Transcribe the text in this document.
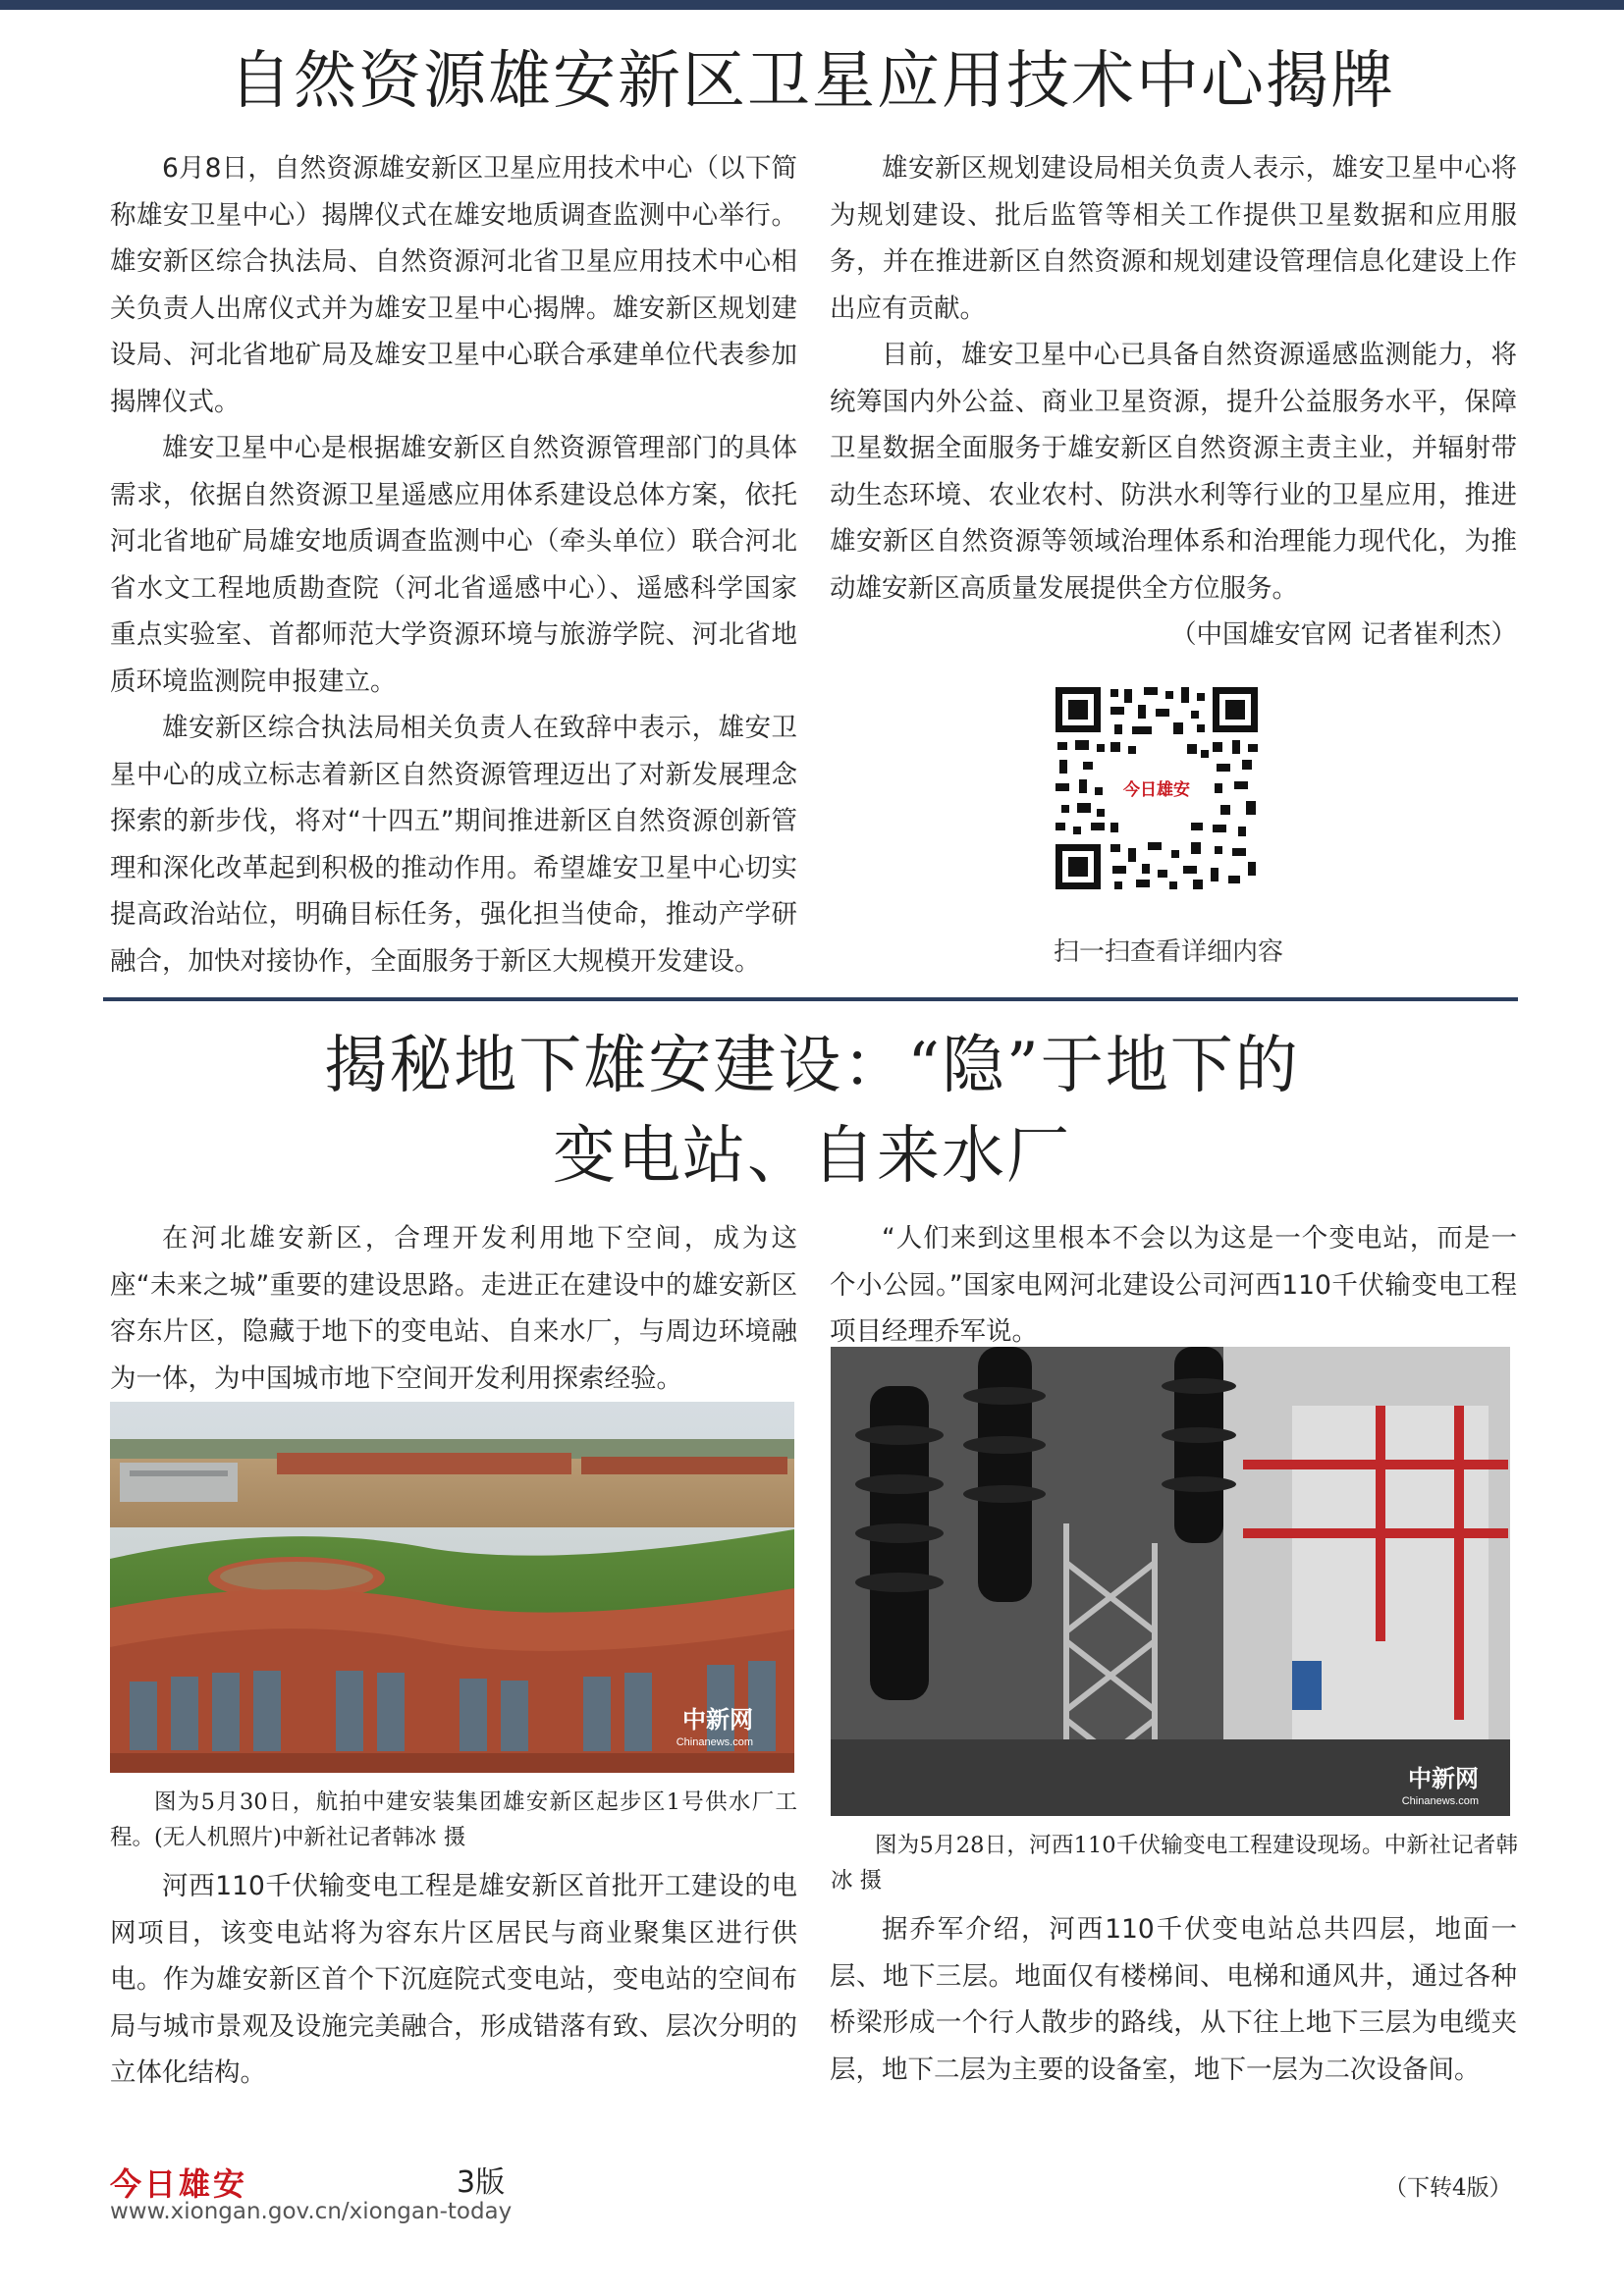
自然资源雄安新区卫星应用技术中心揭牌

6月8日，自然资源雄安新区卫星应用技术中心（以下简称雄安卫星中心）揭牌仪式在雄安地质调查监测中心举行。雄安新区综合执法局、自然资源河北省卫星应用技术中心相关负责人出席仪式并为雄安卫星中心揭牌。雄安新区规划建设局、河北省地矿局及雄安卫星中心联合承建单位代表参加揭牌仪式。

雄安卫星中心是根据雄安新区自然资源管理部门的具体需求，依据自然资源卫星遥感应用体系建设总体方案，依托河北省地矿局雄安地质调查监测中心（牵头单位）联合河北省水文工程地质勘查院（河北省遥感中心）、遥感科学国家重点实验室、首都师范大学资源环境与旅游学院、河北省地质环境监测院申报建立。

雄安新区综合执法局相关负责人在致辞中表示，雄安卫星中心的成立标志着新区自然资源管理迈出了对新发展理念探索的新步伐，将对“十四五”期间推进新区自然资源创新管理和深化改革起到积极的推动作用。希望雄安卫星中心切实提高政治站位，明确目标任务，强化担当使命，推动产学研融合，加快对接协作，全面服务于新区大规模开发建设。

雄安新区规划建设局相关负责人表示，雄安卫星中心将为规划建设、批后监管等相关工作提供卫星数据和应用服务，并在推进新区自然资源和规划建设管理信息化建设上作出应有贡献。

目前，雄安卫星中心已具备自然资源遥感监测能力，将统筹国内外公益、商业卫星资源，提升公益服务水平，保障卫星数据全面服务于雄安新区自然资源主责主业，并辐射带动生态环境、农业农村、防洪水利等行业的卫星应用，推进雄安新区自然资源等领域治理体系和治理能力现代化，为推动雄安新区高质量发展提供全方位服务。

（中国雄安官网 记者崔利杰）

今日雄安
扫一扫查看详细内容
揭秘地下雄安建设：“隐”于地下的
变电站、自来水厂

在河北雄安新区，合理开发利用地下空间，成为这座“未来之城”重要的建设思路。走进正在建设中的雄安新区容东片区，隐藏于地下的变电站、自来水厂，与周边环境融为一体，为中国城市地下空间开发利用探索经验。

“人们来到这里根本不会以为这是一个变电站，而是一个小公园。”国家电网河北建设公司河西110千伏输变电工程项目经理乔军说。

中新网
Chinanews.com
图为5月30日，航拍中建安装集团雄安新区起步区1号供水厂工程。(无人机照片)中新社记者韩冰 摄
中新网
Chinanews.com
图为5月28日，河西110千伏输变电工程建设现场。中新社记者韩冰 摄

河西110千伏输变电工程是雄安新区首批开工建设的电网项目，该变电站将为容东片区居民与商业聚集区进行供电。作为雄安新区首个下沉庭院式变电站，变电站的空间布局与城市景观及设施完美融合，形成错落有致、层次分明的立体化结构。

据乔军介绍，河西110千伏变电站总共四层，地面一层、地下三层。地面仅有楼梯间、电梯和通风井，通过各种桥梁形成一个行人散步的路线，从下往上地下三层为电缆夹层，地下二层为主要的设备室，地下一层为二次设备间。

今日雄安	3版
www.xiongan.gov.cn/xiongan-today
（下转4版）
